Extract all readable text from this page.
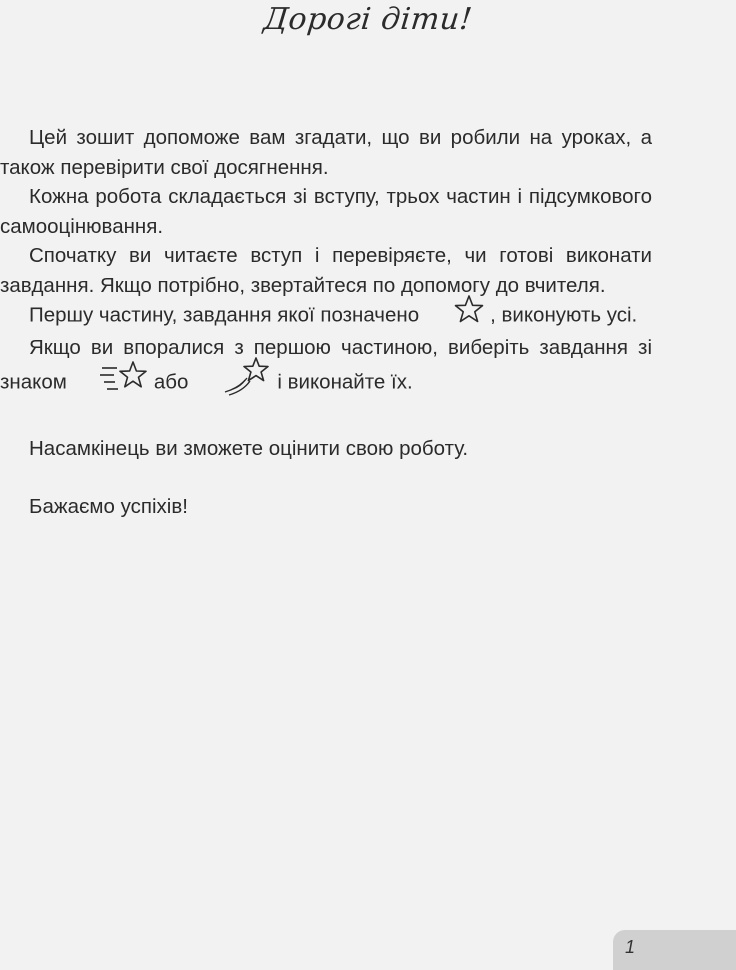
Дорогі діти!

Цей зошит допоможе вам згадати, що ви робили на уроках, а також перевірити свої досягнення.

Кожна робота складається зі вступу, трьох частин і підсумкового самооцінювання.

Спочатку ви читаєте вступ і перевіряєте, чи готові виконати завдання. Якщо потрібно, звертайтеся по допомогу до вчителя.

Першу частину, завдання якої позначено	, виконують усі.

Якщо ви впоралися з першою частиною, виберіть завдання зі знаком	або	і виконайте їх.

Насамкінець ви зможете оцінити свою роботу.

Бажаємо успіхів!

1
